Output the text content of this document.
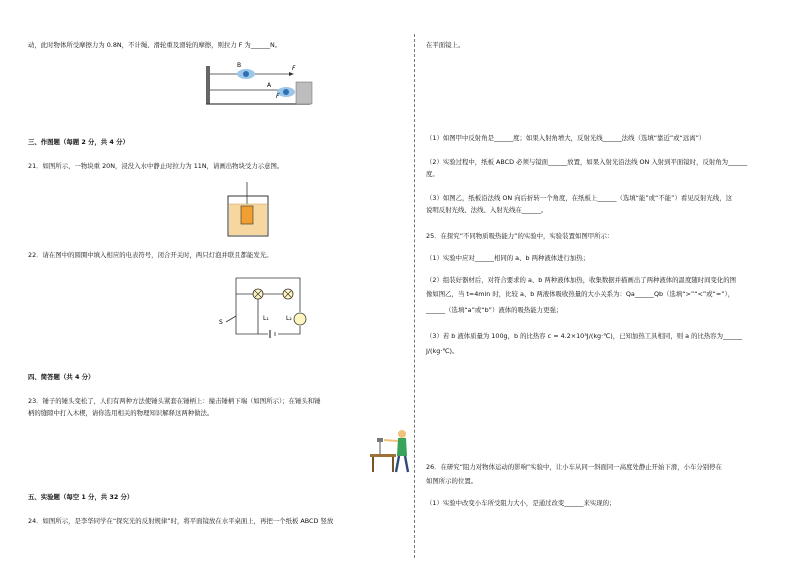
动，此时物体所受摩擦力为 0.8N，不计绳、滑轮重及滑轮的摩擦，则拉力 F 为______N。
B
A
F
F
三、作图题（每题 2 分，共 4 分）
21．如图所示，一物块重 20N，浸没入水中静止时拉力为 11N，请画出物块受力示意图。
22．请在图中的圆圈中填入相应的电表符号，闭合开关时，两只灯泡并联且都能发光。
S
L₁	L₂
四、简答题（共 4 分）
23．锤子的锤头变松了，人们有两种方法使锤头紧套在锤柄上：撞击锤柄下端（如图所示）；在锤头和锤
柄的缝隙中打入木楔，请你选用相关的物理知识解释这两种做法。
五、实验题（每空 1 分，共 32 分）
24．如图所示，是李华同学在“探究光的反射规律”时，将平面镜放在水平桌面上，再把一个纸板 ABCD 竖放
在平面镜上。
（1）如图甲中反射角是______度；如果入射角增大，反射光线______法线（选填“靠近”或“远离”）
（2）实验过程中，纸板 ABCD 必须与镜面______放置，如果入射光沿法线 ON 入射到平面镜时，反射角为______
度。
（3）如图乙，纸板沿法线 ON 向后折转一个角度，在纸板上______（选填“能”或“不能”）看见反射光线，这
说明反射光线、法线、入射光线在______。
25．在探究“不同物质吸热能力”的实验中，实验装置如图甲所示：
（1）实验中应对______相同的 a、b 两种液体进行加热；
（2）组装好器材后，对符合要求的 a、b 两种液体加热，收集数据并描画出了两种液体的温度随时间变化的图
像如图乙，当 t=4min 时，比较 a、b 两液体吸收热量的大小关系为：Qa______Qb（选填“>”“<”或“=”），
______（选填“a”或“b”）液体的吸热能力更强；
（3）若 b 液体质量为 100g，b 的比热容 c = 4.2×10³J/(kg·℃)，已知加热工具相同，则 a 的比热容为______
J/(kg·℃)。
26．在研究“阻力对物体运动的影响”实验中，让小车从同一斜面同一高度处静止开始下滑，小车分别停在
如图所示的位置。
（1）实验中改变小车所受阻力大小，是通过改变______来实现的；
